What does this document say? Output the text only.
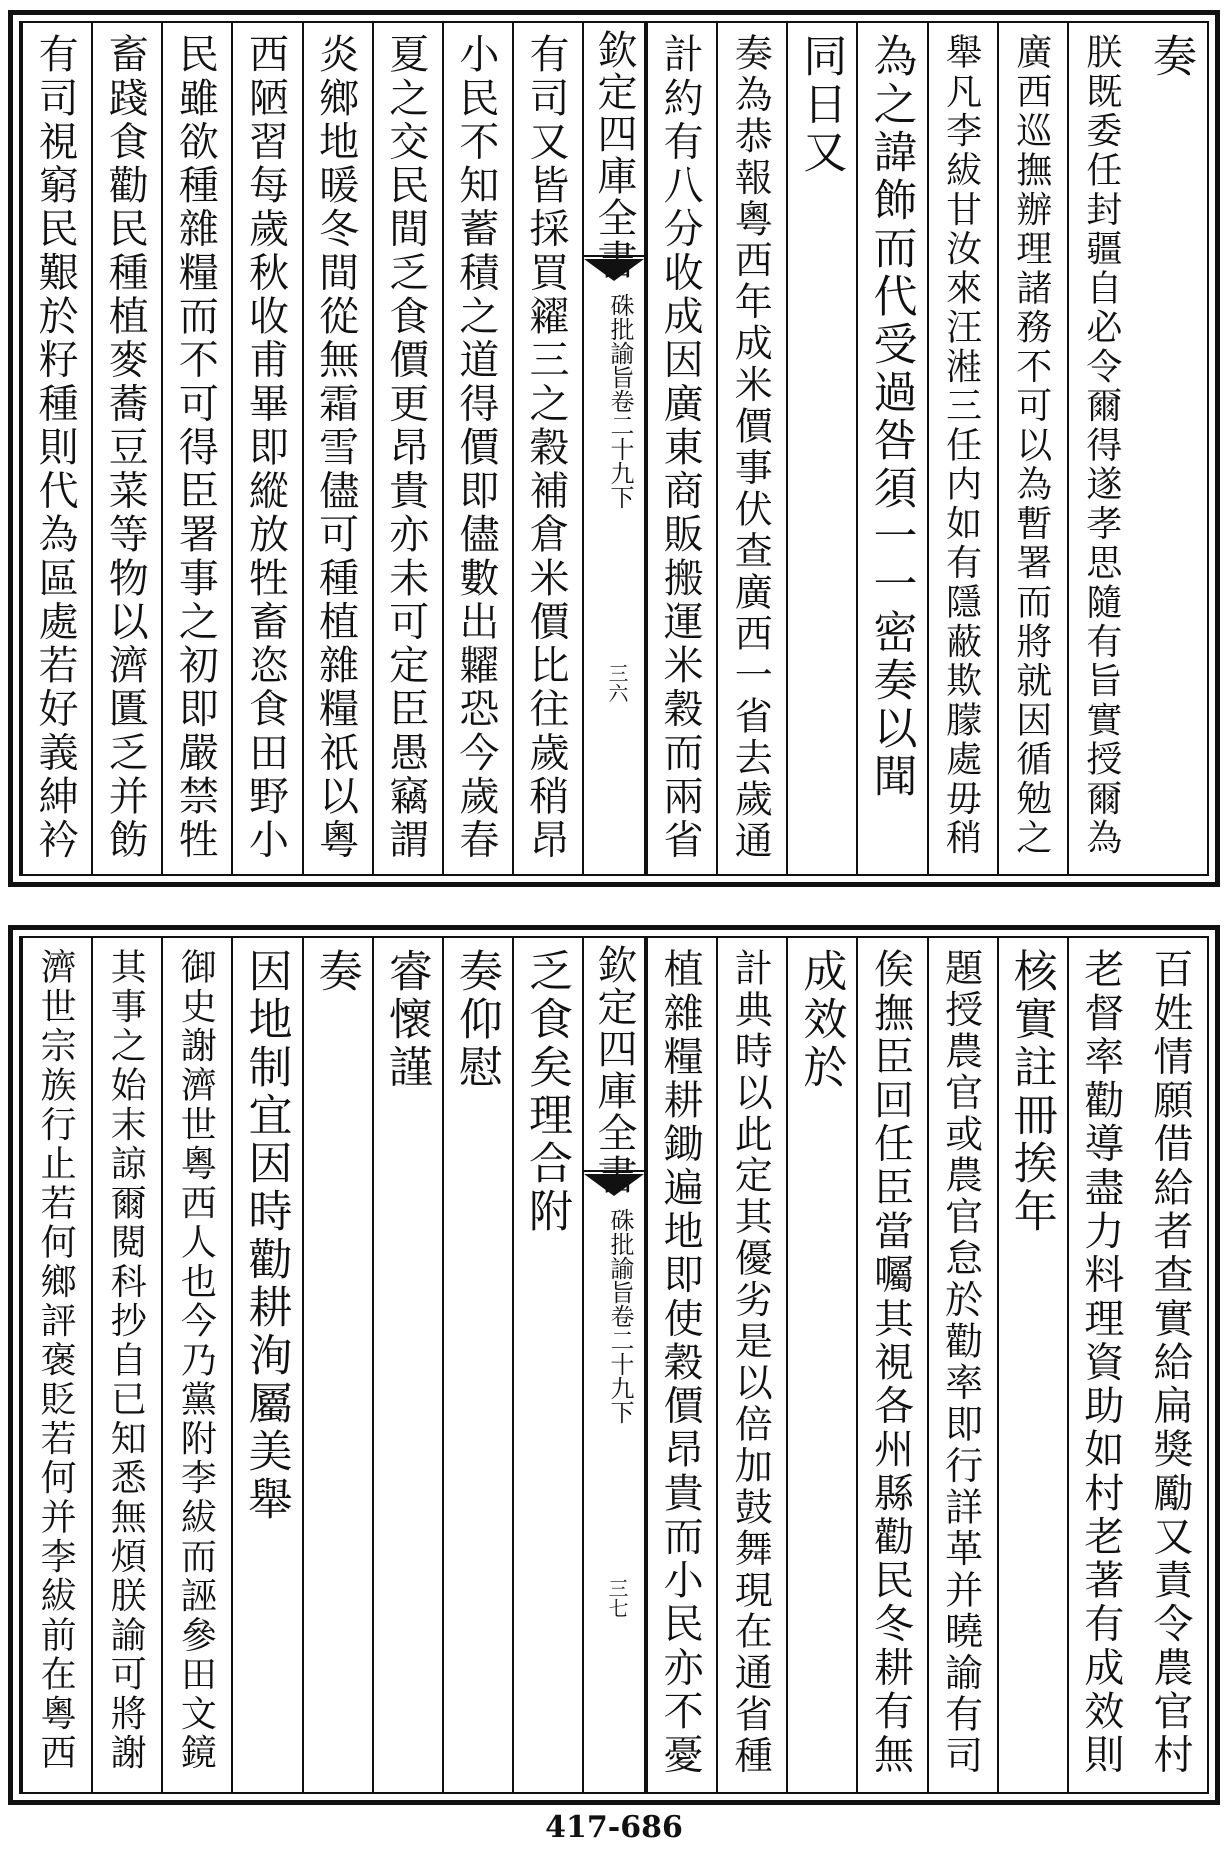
奏
朕既委任封疆自必令爾得遂孝思隨有旨實授爾為
廣西巡撫辦理諸務不可以為暫署而將就因循勉之
舉凡李紱甘汝來汪溎三任内如有隱蔽欺朦處毋稍
為之諱飾而代受過咎須一一密奏以聞
同日又
奏為恭報粵西年成米價事伏查廣西一省去歲通
計約有八分收成因廣東商販搬運米穀而兩省
欽定四庫全書
硃批諭旨卷二十九下
三六
有司又皆採買糴三之穀補倉米價比往歲稍昂
小民不知蓄積之道得價即儘數出糶恐今歲春
夏之交民間乏食價更昂貴亦未可定臣愚竊謂
炎鄉地暖冬間從無霜雪儘可種植雜糧祇以粵
西陋習每歲秋收甫畢即縱放牲畜恣食田野小
民雖欲種雜糧而不可得臣署事之初即嚴禁牲
畜踐食勸民種植麥蕎豆菜等物以濟匱乏并飭
有司視窮民艱於籽種則代為區處若好義紳衿
百姓情願借給者查實給扁獎勵又責令農官村
老督率勸導盡力料理資助如村老著有成效則
核實註冊挨年
題授農官或農官怠於勸率即行詳革并曉諭有司
俟撫臣回任臣當囑其視各州縣勸民冬耕有無
成效於
計典時以此定其優劣是以倍加鼓舞現在通省種
植雜糧耕鋤遍地即使穀價昂貴而小民亦不憂
欽定四庫全書
硃批諭旨卷二十九下
三七
乏食矣理合附
奏仰慰
睿懷謹
奏
因地制宜因時勸耕洵屬美舉
御史謝濟世粵西人也今乃黨附李紱而誣參田文鏡
其事之始末諒爾閱科抄自已知悉無煩朕諭可將謝
濟世宗族行止若何鄉評褒貶若何并李紱前在粵西
417-686
